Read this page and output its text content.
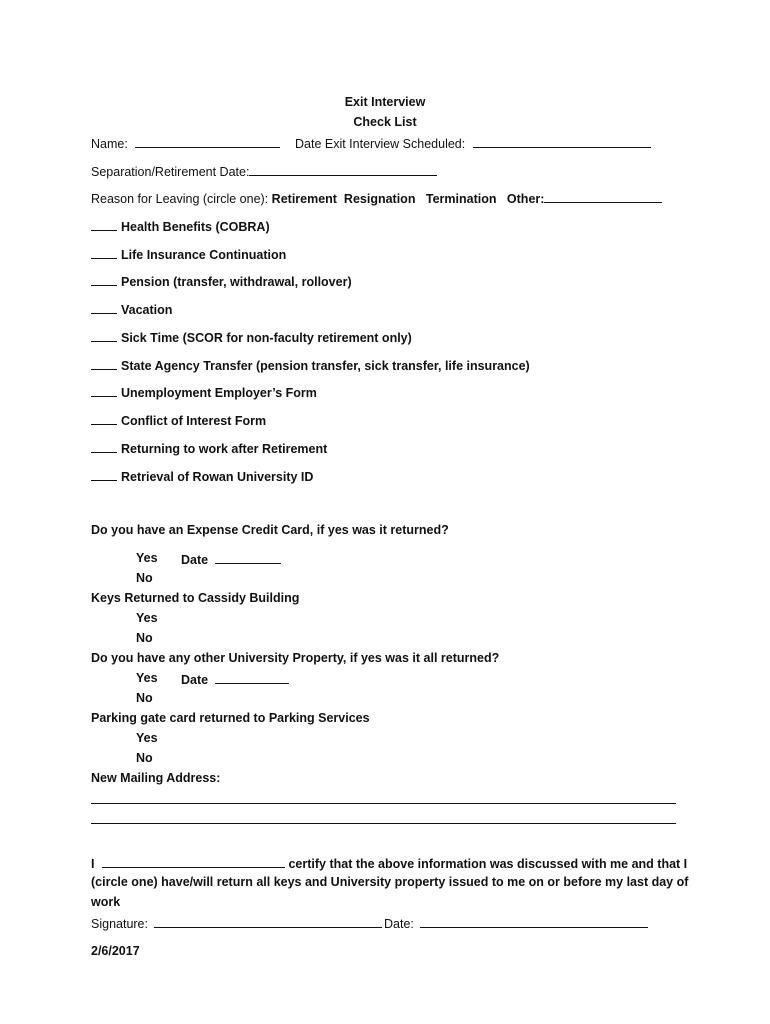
Exit Interview
Check List
Name:	Date Exit Interview Scheduled:
Separation/Retirement Date:
Reason for Leaving (circle one): Retirement Resignation Termination Other:
Health Benefits (COBRA)
Life Insurance Continuation
Pension (transfer, withdrawal, rollover)
Vacation
Sick Time (SCOR for non-faculty retirement only)
State Agency Transfer (pension transfer, sick transfer, life insurance)
Unemployment Employer’s Form
Conflict of Interest Form
Returning to work after Retirement
Retrieval of Rowan University ID
Do you have an Expense Credit Card, if yes was it returned?
Yes Date
No
Keys Returned to Cassidy Building
Yes
No
Do you have any other University Property, if yes was it all returned?
Yes Date
No
Parking gate card returned to Parking Services
Yes
No
New Mailing Address:
I	certify that the above information was discussed with me and that I
(circle one) have/will return all keys and University property issued to me on or before my last day of
work
Signature:	Date:
2/6/2017
